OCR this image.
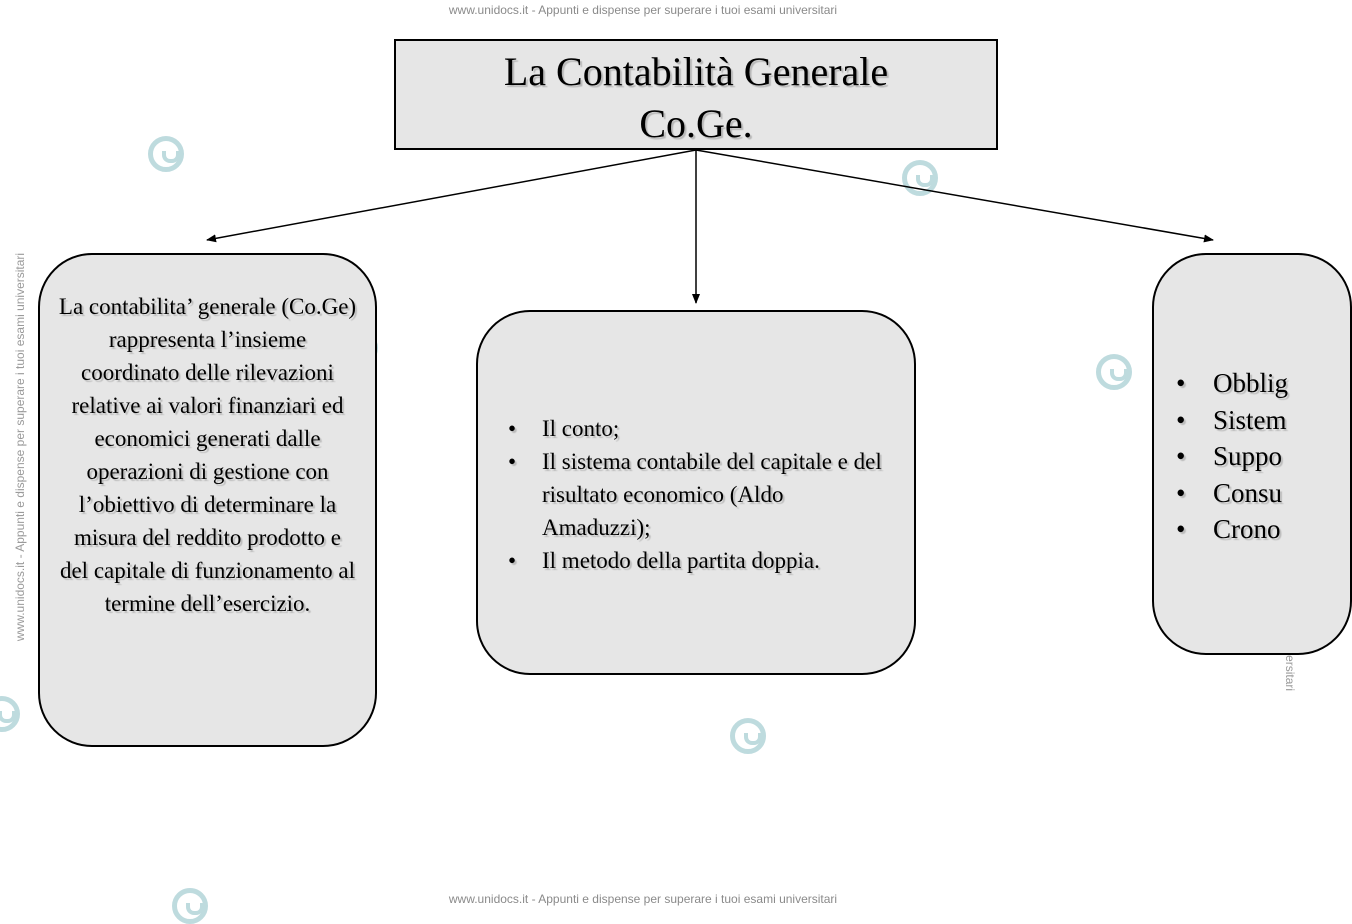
www.unidocs.it - Appunti e dispense per superare i tuoi esami universitari
www.unidocs.it - Appunti e dispense per superare i tuoi esami universitari
www.unidocs.it - Appunti e dispense per superare i tuoi esami universitari
La Contabilità Generale
Co.Ge.
La contabilita’ generale (Co.Ge) rappresenta l’insieme coordinato delle rilevazioni relative ai valori finanziari ed economici generati dalle operazioni di gestione con l’obiettivo di determinare la misura del reddito prodotto e del capitale di funzionamento al termine dell’esercizio.
• Il conto;
• Il sistema contabile del capitale e del risultato economico (Aldo Amaduzzi);
• Il metodo della partita doppia.
• Obblig
• Sistem
• Suppo
• Consu
• Crono
